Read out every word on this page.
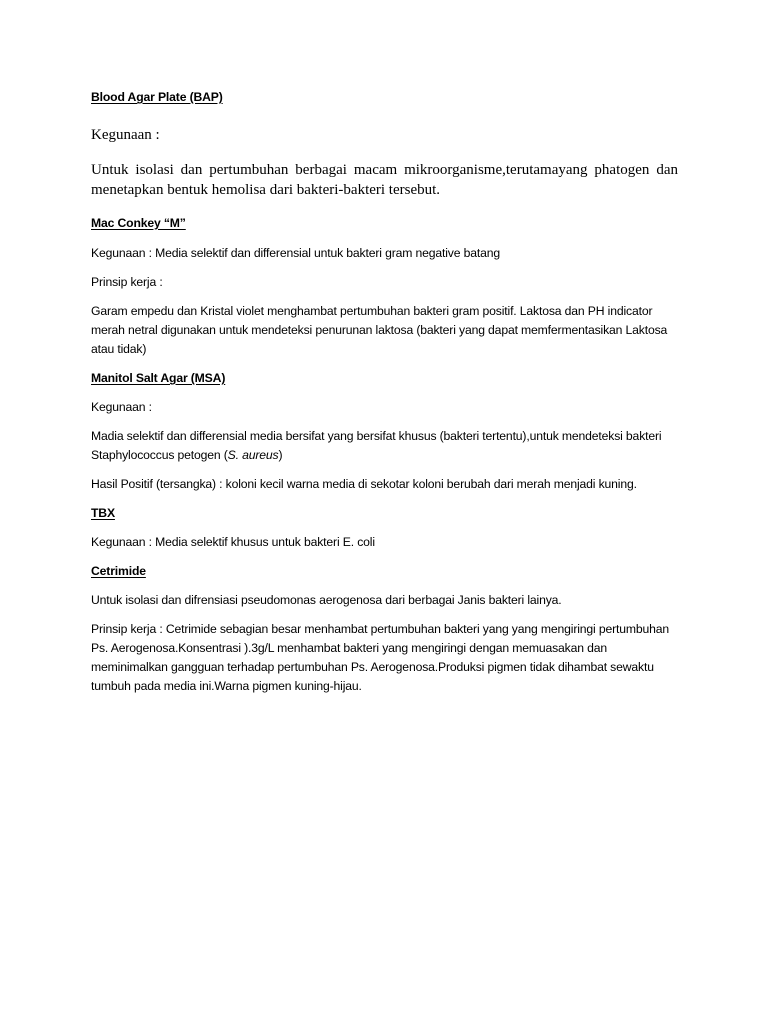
Blood Agar Plate (BAP)
Kegunaan :
Untuk isolasi dan pertumbuhan berbagai macam mikroorganisme,terutamayang phatogen dan menetapkan bentuk hemolisa dari bakteri-bakteri tersebut.
Mac Conkey “M”
Kegunaan : Media selektif dan differensial untuk bakteri gram negative batang
Prinsip kerja :
Garam empedu dan Kristal violet menghambat pertumbuhan bakteri gram positif. Laktosa dan PH indicator merah netral digunakan untuk mendeteksi penurunan laktosa (bakteri yang dapat memfermentasikan Laktosa atau tidak)
Manitol Salt Agar (MSA)
Kegunaan :
Madia selektif dan differensial media bersifat yang bersifat khusus (bakteri tertentu),untuk mendeteksi bakteri Staphylococcus petogen (S. aureus)
Hasil Positif (tersangka) : koloni kecil warna media di sekotar koloni berubah dari merah menjadi kuning.
TBX
Kegunaan : Media selektif khusus untuk bakteri E. coli
Cetrimide
Untuk isolasi dan difrensiasi pseudomonas aerogenosa dari berbagai Janis bakteri lainya.
Prinsip kerja : Cetrimide sebagian besar menhambat pertumbuhan bakteri yang yang mengiringi pertumbuhan Ps. Aerogenosa.Konsentrasi ).3g/L menhambat bakteri yang mengiringi dengan memuasakan dan meminimalkan gangguan terhadap pertumbuhan Ps. Aerogenosa.Produksi pigmen tidak dihambat sewaktu tumbuh pada media ini.Warna pigmen kuning-hijau.
